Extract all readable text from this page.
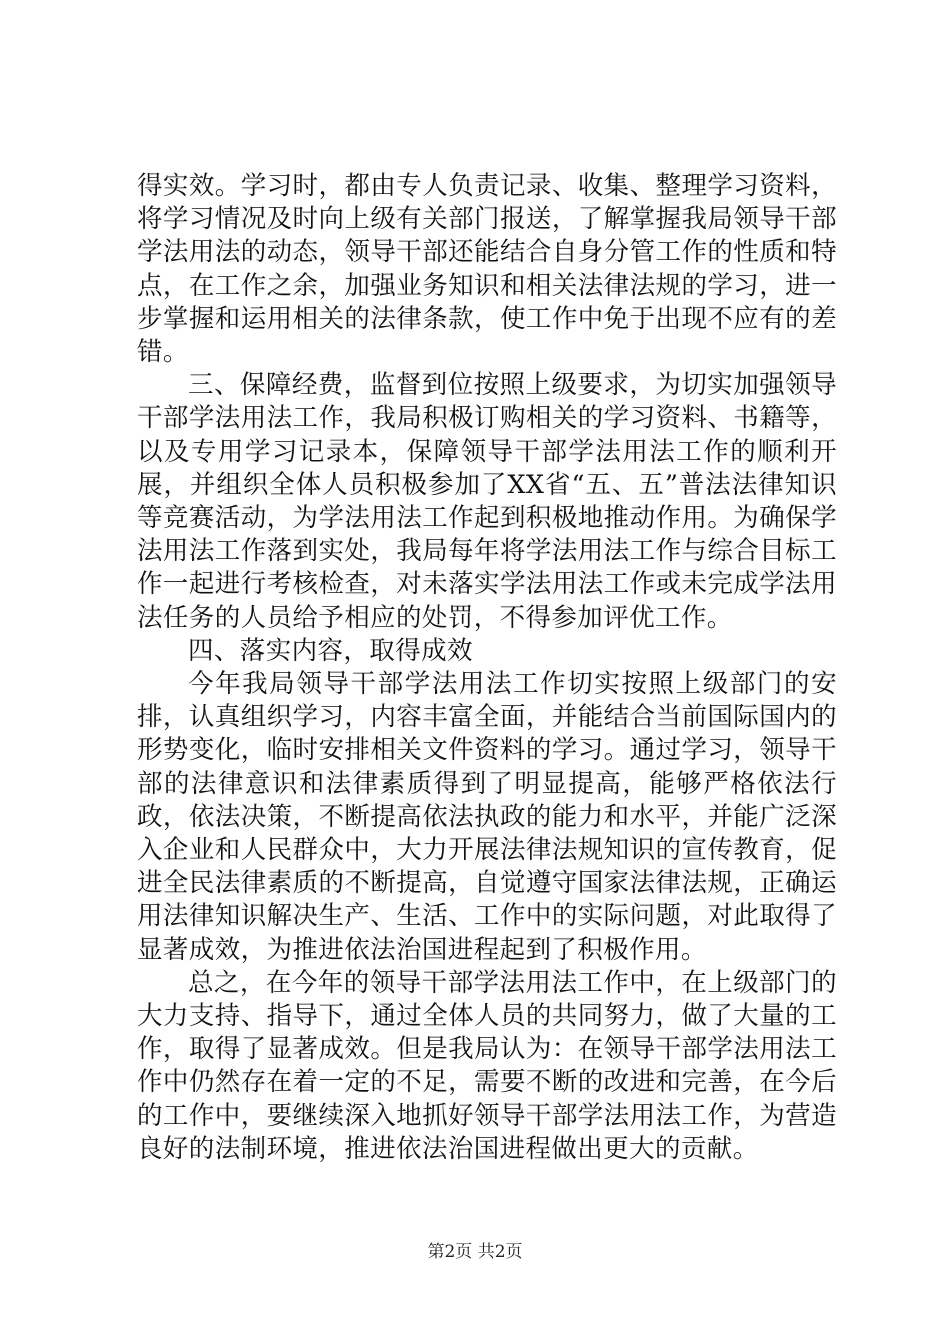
得实效。学习时，都由专人负责记录、收集、整理学习资料，将学习情况及时向上级有关部门报送，了解掌握我局领导干部学法用法的动态，领导干部还能结合自身分管工作的性质和特点，在工作之余，加强业务知识和相关法律法规的学习，进一步掌握和运用相关的法律条款，使工作中免于出现不应有的差错。

三、保障经费，监督到位按照上级要求，为切实加强领导干部学法用法工作，我局积极订购相关的学习资料、书籍等，以及专用学习记录本，保障领导干部学法用法工作的顺利开展，并组织全体人员积极参加了XX省“五、五”普法法律知识等竞赛活动，为学法用法工作起到积极地推动作用。为确保学法用法工作落到实处，我局每年将学法用法工作与综合目标工作一起进行考核检查，对未落实学法用法工作或未完成学法用法任务的人员给予相应的处罚，不得参加评优工作。

四、落实内容，取得成效

今年我局领导干部学法用法工作切实按照上级部门的安排，认真组织学习，内容丰富全面，并能结合当前国际国内的形势变化，临时安排相关文件资料的学习。通过学习，领导干部的法律意识和法律素质得到了明显提高，能够严格依法行政，依法决策，不断提高依法执政的能力和水平，并能广泛深入企业和人民群众中，大力开展法律法规知识的宣传教育，促进全民法律素质的不断提高，自觉遵守国家法律法规，正确运用法律知识解决生产、生活、工作中的实际问题，对此取得了显著成效，为推进依法治国进程起到了积极作用。

总之，在今年的领导干部学法用法工作中，在上级部门的大力支持、指导下，通过全体人员的共同努力，做了大量的工作，取得了显著成效。但是我局认为：在领导干部学法用法工作中仍然存在着一定的不足，需要不断的改进和完善，在今后的工作中，要继续深入地抓好领导干部学法用法工作，为营造良好的法制环境，推进依法治国进程做出更大的贡献。

第2页 共2页
